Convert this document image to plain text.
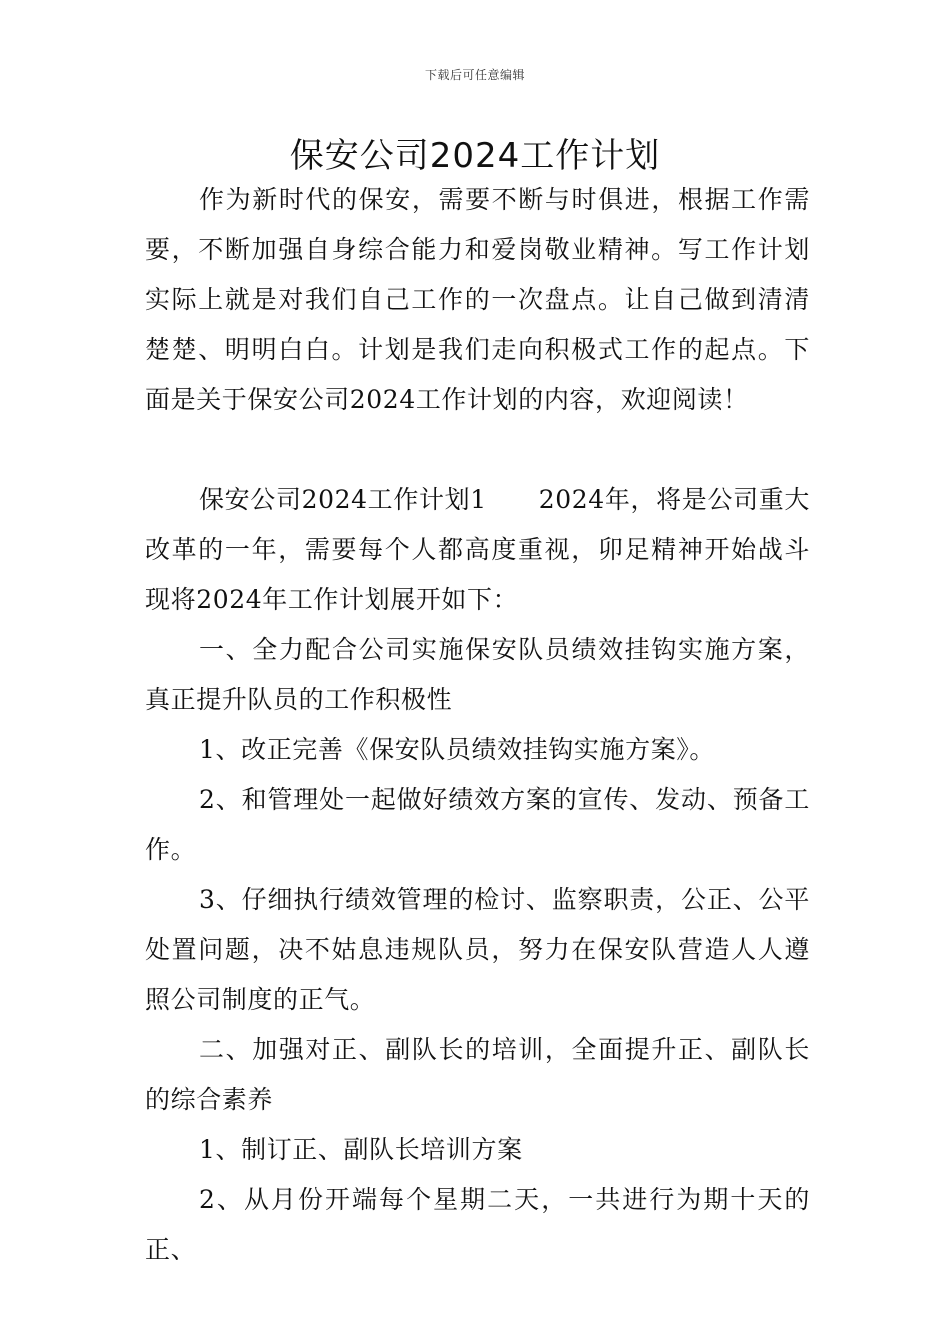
下载后可任意编辑
保安公司2024工作计划

作为新时代的保安，需要不断与时俱进，根据工作需要，不断加强自身综合能力和爱岗敬业精神。写工作计划实际上就是对我们自己工作的一次盘点。让自己做到清清楚楚、明明白白。计划是我们走向积极式工作的起点。下面是关于保安公司2024工作计划的内容，欢迎阅读！

保安公司2024工作计划1 2024年，将是公司重大改革的一年，需要每个人都高度重视，卯足精神开始战斗现将2024年工作计划展开如下：

一、全力配合公司实施保安队员绩效挂钩实施方案，真正提升队员的工作积极性

1、改正完善《保安队员绩效挂钩实施方案》。

2、和管理处一起做好绩效方案的宣传、发动、预备工作。

3、仔细执行绩效管理的检讨、监察职责，公正、公平处置问题，决不姑息违规队员，努力在保安队营造人人遵照公司制度的正气。

二、加强对正、副队长的培训，全面提升正、副队长的综合素养

1、制订正、副队长培训方案

2、从月份开端每个星期二天，一共进行为期十天的正、
